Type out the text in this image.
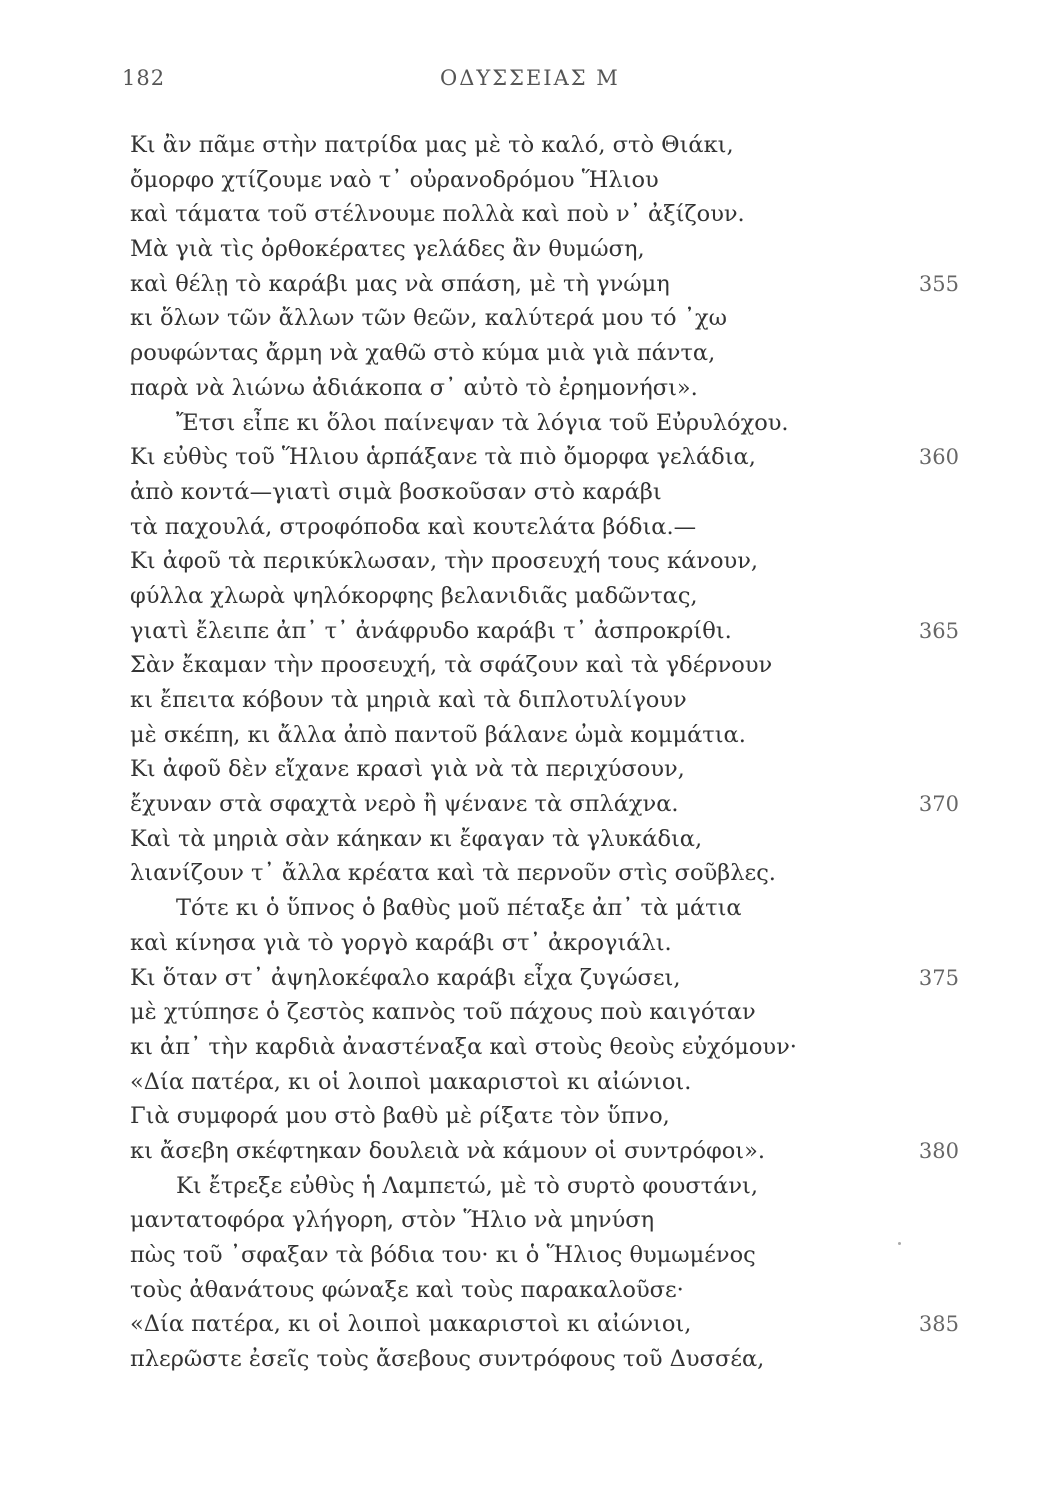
182	ΟΔΥΣΣΕΙΑΣ Μ
Κι ἂν πᾶμε στὴν πατρίδα μας μὲ τὸ καλό, στὸ Θιάκι,
ὄμορφο χτίζουμε ναὸ τ᾽ οὐρανοδρόμου Ἥλιου
καὶ τάματα τοῦ στέλνουμε πολλὰ καὶ ποὺ ν᾽ ἀξίζουν.
Μὰ γιὰ τὶς ὀρθοκέρατες γελάδες ἂν θυμώση,
καὶ θέλῃ τὸ καράβι μας νὰ σπάση, μὲ τὴ γνώμη	355
κι ὅλων τῶν ἄλλων τῶν θεῶν, καλύτερά μου τό ᾽χω
ρουφώντας ἄρμη νὰ χαθῶ στὸ κύμα μιὰ γιὰ πάντα,
παρὰ νὰ λιώνω ἀδιάκοπα σ᾽ αὐτὸ τὸ ἐρημονήσι».
Ἔτσι εἶπε κι ὅλοι παίνεψαν τὰ λόγια τοῦ Εὐρυλόχου.
Κι εὐθὺς τοῦ Ἥλιου ἁρπάξανε τὰ πιὸ ὄμορφα γελάδια,	360
ἀπὸ κοντά—γιατὶ σιμὰ βοσκοῦσαν στὸ καράβι
τὰ παχουλά, στροφόποδα καὶ κουτελάτα βόδια.—
Κι ἀφοῦ τὰ περικύκλωσαν, τὴν προσευχή τους κάνουν,
φύλλα χλωρὰ ψηλόκορφης βελανιδιᾶς μαδῶντας,
γιατὶ ἔλειπε ἀπ᾽ τ᾽ ἀνάφρυδο καράβι τ᾽ ἀσπροκρίθι.	365
Σὰν ἔκαμαν τὴν προσευχή, τὰ σφάζουν καὶ τὰ γδέρνουν
κι ἔπειτα κόβουν τὰ μηριὰ καὶ τὰ διπλοτυλίγουν
μὲ σκέπη, κι ἄλλα ἀπὸ παντοῦ βάλανε ὠμὰ κομμάτια.
Κι ἀφοῦ δὲν εἴχανε κρασὶ γιὰ νὰ τὰ περιχύσουν,
ἔχυναν στὰ σφαχτὰ νερὸ ἢ ψένανε τὰ σπλάχνα.	370
Καὶ τὰ μηριὰ σὰν κάηκαν κι ἔφαγαν τὰ γλυκάδια,
λιανίζουν τ᾽ ἄλλα κρέατα καὶ τὰ περνοῦν στὶς σοῦβλες.
Τότε κι ὁ ὕπνος ὁ βαθὺς μοῦ πέταξε ἀπ᾽ τὰ μάτια
καὶ κίνησα γιὰ τὸ γοργὸ καράβι στ᾽ ἀκρογιάλι.
Κι ὅταν στ᾽ ἀψηλοκέφαλο καράβι εἶχα ζυγώσει,	375
μὲ χτύπησε ὁ ζεστὸς καπνὸς τοῦ πάχους ποὺ καιγόταν
κι ἀπ᾽ τὴν καρδιὰ ἀναστέναξα καὶ στοὺς θεοὺς εὐχόμουν·
«Δία πατέρα, κι οἱ λοιποὶ μακαριστοὶ κι αἰώνιοι.
Γιὰ συμφορά μου στὸ βαθὺ μὲ ρίξατε τὸν ὕπνο,
κι ἄσεβη σκέφτηκαν δουλειὰ νὰ κάμουν οἱ συντρόφοι».	380
Κι ἔτρεξε εὐθὺς ἡ Λαμπετώ, μὲ τὸ συρτὸ φουστάνι,
μαντατοφόρα γλήγορη, στὸν Ἥλιο νὰ μηνύση
πὼς τοῦ ᾽σφαξαν τὰ βόδια του· κι ὁ Ἥλιος θυμωμένος
τοὺς ἀθανάτους φώναξε καὶ τοὺς παρακαλοῦσε·
«Δία πατέρα, κι οἱ λοιποὶ μακαριστοὶ κι αἰώνιοι,	385
πλερῶστε ἐσεῖς τοὺς ἄσεβους συντρόφους τοῦ Δυσσέα,
